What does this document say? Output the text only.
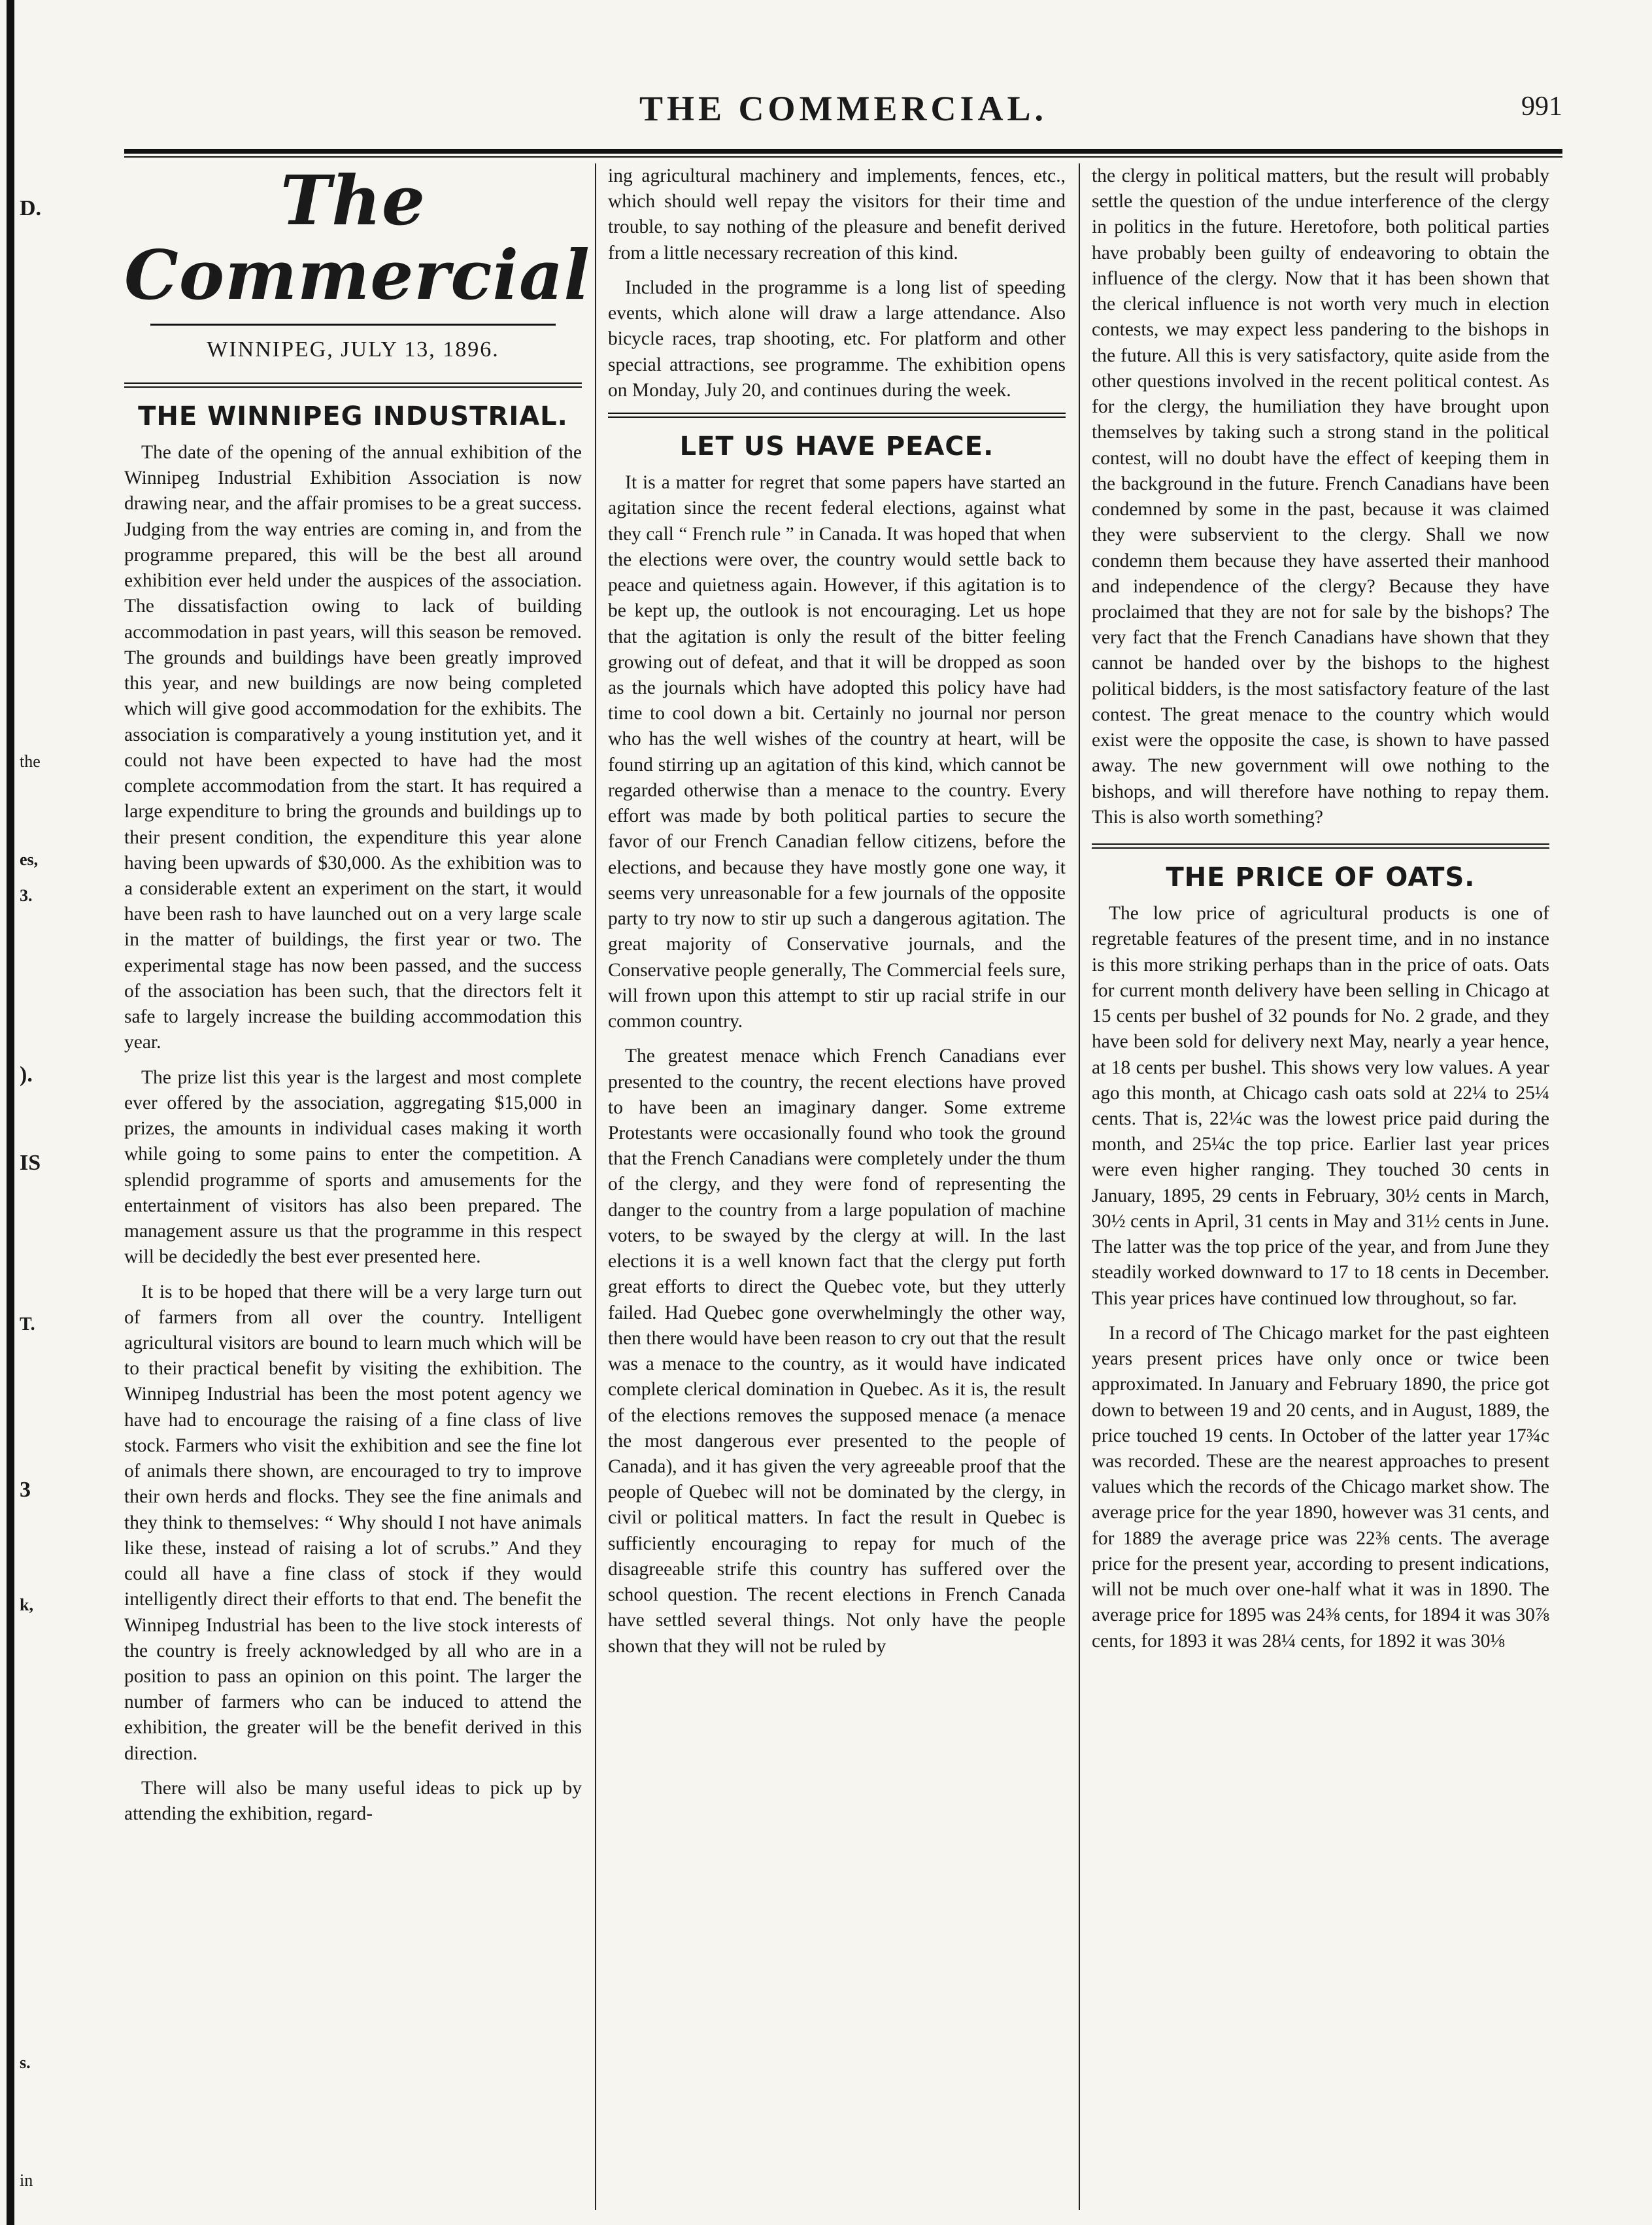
D.
the
es,
3.
).
IS
T.
3
k,
s.
in
THE COMMERCIAL.	991
The Commercial
WINNIPEG, JULY 13, 1896.
THE WINNIPEG INDUSTRIAL.

The date of the opening of the annual exhibition of the Winnipeg Industrial Exhibition Association is now drawing near, and the affair promises to be a great success. Judging from the way entries are coming in, and from the programme prepared, this will be the best all around exhibition ever held under the auspices of the association. The dissatisfaction owing to lack of building accommodation in past years, will this season be removed. The grounds and buildings have been greatly improved this year, and new buildings are now being completed which will give good accommodation for the exhibits. The association is comparatively a young institution yet, and it could not have been expected to have had the most complete accommodation from the start. It has required a large expenditure to bring the grounds and buildings up to their present condition, the expenditure this year alone having been upwards of $30,000. As the exhibition was to a considerable extent an experiment on the start, it would have been rash to have launched out on a very large scale in the matter of buildings, the first year or two. The experimental stage has now been passed, and the success of the association has been such, that the directors felt it safe to largely increase the building accommodation this year.

The prize list this year is the largest and most complete ever offered by the association, aggregating $15,000 in prizes, the amounts in individual cases making it worth while going to some pains to enter the competition. A splendid programme of sports and amusements for the entertainment of visitors has also been prepared. The management assure us that the programme in this respect will be decidedly the best ever presented here.

It is to be hoped that there will be a very large turn out of farmers from all over the country. Intelligent agricultural visitors are bound to learn much which will be to their practical benefit by visiting the exhibition. The Winnipeg Industrial has been the most potent agency we have had to encourage the raising of a fine class of live stock. Farmers who visit the exhibition and see the fine lot of animals there shown, are encouraged to try to improve their own herds and flocks. They see the fine animals and they think to themselves: “ Why should I not have animals like these, instead of raising a lot of scrubs.” And they could all have a fine class of stock if they would intelligently direct their efforts to that end. The benefit the Winnipeg Industrial has been to the live stock interests of the country is freely acknowledged by all who are in a position to pass an opinion on this point. The larger the number of farmers who can be induced to attend the exhibition, the greater will be the benefit derived in this direction.

There will also be many useful ideas to pick up by attending the exhibition, regard-

ing agricultural machinery and implements, fences, etc., which should well repay the visitors for their time and trouble, to say nothing of the pleasure and benefit derived from a little necessary recreation of this kind.

Included in the programme is a long list of speeding events, which alone will draw a large attendance. Also bicycle races, trap shooting, etc. For platform and other special attractions, see programme. The exhibition opens on Monday, July 20, and continues during the week.

LET US HAVE PEACE.

It is a matter for regret that some papers have started an agitation since the recent federal elections, against what they call “ French rule ” in Canada. It was hoped that when the elections were over, the country would settle back to peace and quietness again. However, if this agitation is to be kept up, the outlook is not encouraging. Let us hope that the agitation is only the result of the bitter feeling growing out of defeat, and that it will be dropped as soon as the journals which have adopted this policy have had time to cool down a bit. Certainly no journal nor person who has the well wishes of the country at heart, will be found stirring up an agitation of this kind, which cannot be regarded otherwise than a menace to the country. Every effort was made by both political parties to secure the favor of our French Canadian fellow citizens, before the elections, and because they have mostly gone one way, it seems very unreasonable for a few journals of the opposite party to try now to stir up such a dangerous agitation. The great majority of Conservative journals, and the Conservative people generally, The Commercial feels sure, will frown upon this attempt to stir up racial strife in our common country.

The greatest menace which French Canadians ever presented to the country, the recent elections have proved to have been an imaginary danger. Some extreme Protestants were occasionally found who took the ground that the French Canadians were completely under the thum of the clergy, and they were fond of representing the danger to the country from a large population of machine voters, to be swayed by the clergy at will. In the last elections it is a well known fact that the clergy put forth great efforts to direct the Quebec vote, but they utterly failed. Had Quebec gone overwhelmingly the other way, then there would have been reason to cry out that the result was a menace to the country, as it would have indicated complete clerical domination in Quebec. As it is, the result of the elections removes the supposed menace (a menace the most dangerous ever presented to the people of Canada), and it has given the very agreeable proof that the people of Quebec will not be dominated by the clergy, in civil or political matters. In fact the result in Quebec is sufficiently encouraging to repay for much of the disagreeable strife this country has suffered over the school question. The recent elections in French Canada have settled several things. Not only have the people shown that they will not be ruled by

the clergy in political matters, but the result will probably settle the question of the undue interference of the clergy in politics in the future. Heretofore, both political parties have probably been guilty of endeavoring to obtain the influence of the clergy. Now that it has been shown that the clerical influence is not worth very much in election contests, we may expect less pandering to the bishops in the future. All this is very satisfactory, quite aside from the other questions involved in the recent political contest. As for the clergy, the humiliation they have brought upon themselves by taking such a strong stand in the political contest, will no doubt have the effect of keeping them in the background in the future. French Canadians have been condemned by some in the past, because it was claimed they were subservient to the clergy. Shall we now condemn them because they have asserted their manhood and independence of the clergy? Because they have proclaimed that they are not for sale by the bishops? The very fact that the French Canadians have shown that they cannot be handed over by the bishops to the highest political bidders, is the most satisfactory feature of the last contest. The great menace to the country which would exist were the opposite the case, is shown to have passed away. The new government will owe nothing to the bishops, and will therefore have nothing to repay them. This is also worth something?

THE PRICE OF OATS.

The low price of agricultural products is one of regretable features of the present time, and in no instance is this more striking perhaps than in the price of oats. Oats for current month delivery have been selling in Chicago at 15 cents per bushel of 32 pounds for No. 2 grade, and they have been sold for delivery next May, nearly a year hence, at 18 cents per bushel. This shows very low values. A year ago this month, at Chicago cash oats sold at 22¼ to 25¼ cents. That is, 22¼c was the lowest price paid during the month, and 25¼c the top price. Earlier last year prices were even higher ranging. They touched 30 cents in January, 1895, 29 cents in February, 30½ cents in March, 30½ cents in April, 31 cents in May and 31½ cents in June. The latter was the top price of the year, and from June they steadily worked downward to 17 to 18 cents in December. This year prices have continued low throughout, so far.

In a record of The Chicago market for the past eighteen years present prices have only once or twice been approximated. In January and February 1890, the price got down to between 19 and 20 cents, and in August, 1889, the price touched 19 cents. In October of the latter year 17¾c was recorded. These are the nearest approaches to present values which the records of the Chicago market show. The average price for the year 1890, however was 31 cents, and for 1889 the average price was 22⅜ cents. The average price for the present year, according to present indications, will not be much over one-half what it was in 1890. The average price for 1895 was 24⅜ cents, for 1894 it was 30⅞ cents, for 1893 it was 28¼ cents, for 1892 it was 30⅛
